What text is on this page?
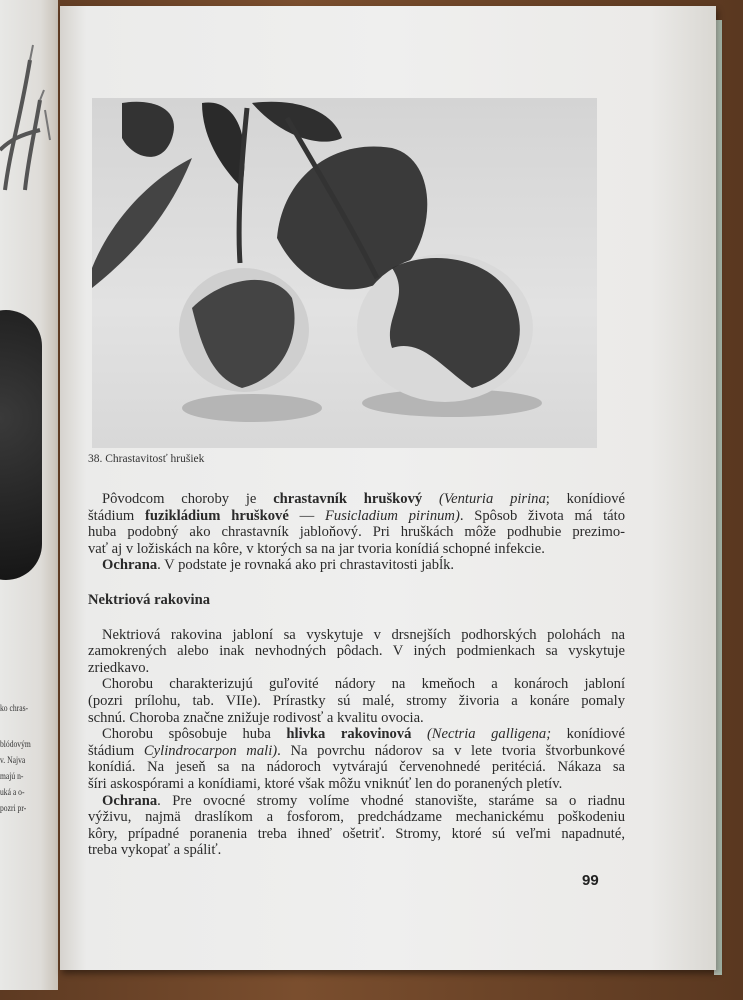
ko chras-
blódovým
v. Najva
majú n-
uká a o-
pozri pr-
38. Chrastavitosť hrušiek
Pôvodcom choroby je chrastavník hruškový (Venturia pirina; konídiové
štádium fuzikládium hruškové — Fusicladium pirinum). Spôsob života má táto
huba podobný ako chrastavník jabloňový. Pri hruškách môže podhubie prezimo-
vať aj v ložiskách na kôre, v ktorých sa na jar tvoria konídiá schopné infekcie.
Ochrana. V podstate je rovnaká ako pri chrastavitosti jabĺk.
Nektriová rakovina
Nektriová rakovina jabloní sa vyskytuje v drsnejších podhorských polohách na
zamokrených alebo inak nevhodných pôdach. V iných podmienkach sa vyskytuje
zriedkavo.
Chorobu charakterizujú guľovité nádory na kmeňoch a konároch jabloní
(pozri prílohu, tab. VIIe). Prírastky sú malé, stromy živoria a konáre pomaly
schnú. Choroba značne znižuje rodivosť a kvalitu ovocia.
Chorobu spôsobuje huba hlivka rakovinová (Nectria galligena; konídiové
štádium Cylindrocarpon mali). Na povrchu nádorov sa v lete tvoria štvorbunkové
konídiá. Na jeseň sa na nádoroch vytvárajú červenohnedé peritéciá. Nákaza sa
šíri askospórami a konídiami, ktoré však môžu vniknúť len do poranených pletív.
Ochrana. Pre ovocné stromy volíme vhodné stanovište, staráme sa o riadnu
výživu, najmä draslíkom a fosforom, predchádzame mechanickému poškodeniu
kôry, prípadné poranenia treba ihneď ošetriť. Stromy, ktoré sú veľmi napadnuté,
treba vykopať a spáliť.
99
